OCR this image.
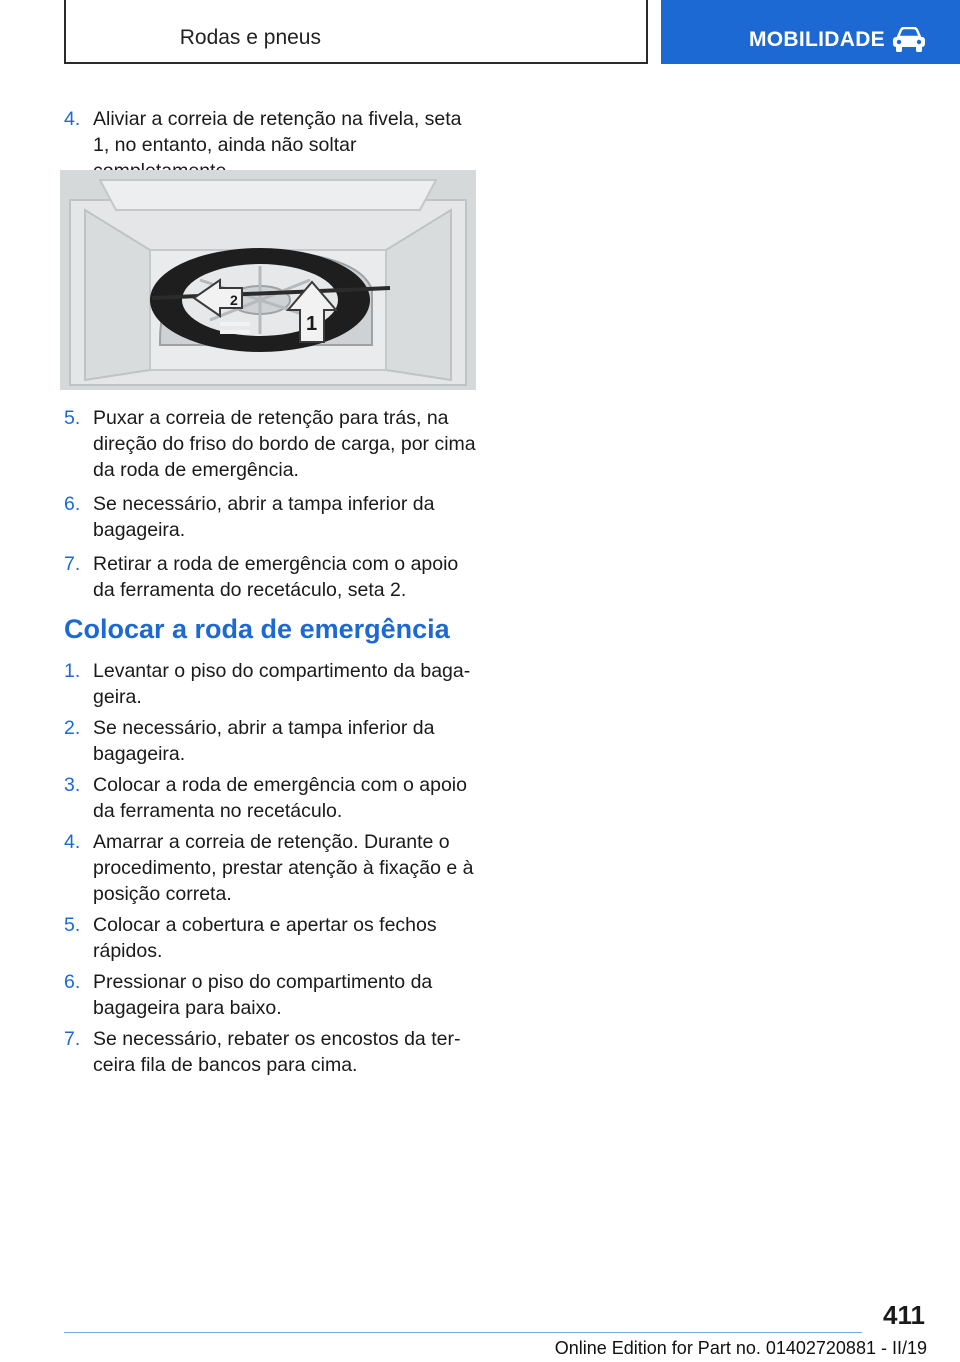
Rodas e pneus	MOBILIDADE
4. Aliviar a correia de retenção na fivela, seta 1, no entanto, ainda não soltar
2
1
5. Puxar a correia de retenção para trás, na direção do friso do bordo de carga, por cima da roda de emergência.
6. Se necessário, abrir a tampa inferior da bagageira.
7. Retirar a roda de emergência com o apoio da ferramenta do recetáculo, seta 2.
Colocar a roda de emergência
1. Levantar o piso do compartimento da bagageira.
2. Se necessário, abrir a tampa inferior da bagageira.
3. Colocar a roda de emergência com o apoio da ferramenta no recetáculo.
4. Amarrar a correia de retenção. Durante o procedimento, prestar atenção à fixação e à posição correta.
5. Colocar a cobertura e apertar os fechos rápidos.
6. Pressionar o piso do compartimento da bagageira para baixo.
7. Se necessário, rebater os encostos da terceira fila de bancos para cima.
411
Online Edition for Part no. 01402720881 - II/19
